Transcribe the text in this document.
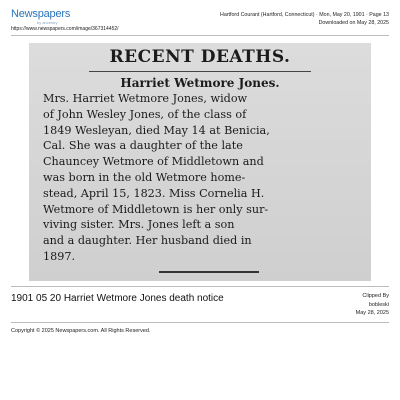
Newspapers
by ancestry
https://www.newspapers.com/image/367314452/
Hartford Courant (Hartford, Connecticut) · Mon, May 20, 1901 · Page 13
Downloaded on May 28, 2025
RECENT DEATHS.
Harriet Wetmore Jones.
Mrs. Harriet Wetmore Jones, widow
of John Wesley Jones, of the class of
1849 Wesleyan, died May 14 at Benicia,
Cal. She was a daughter of the late
Chauncey Wetmore of Middletown and
was born in the old Wetmore home-
stead, April 15, 1823. Miss Cornelia H.
Wetmore of Middletown is her only sur-
viving sister. Mrs. Jones left a son
and a daughter. Her husband died in
1897.
1901 05 20 Harriet Wetmore Jones death notice	Clipped By
bobleski
May 28, 2025
Copyright © 2025 Newspapers.com. All Rights Reserved.
